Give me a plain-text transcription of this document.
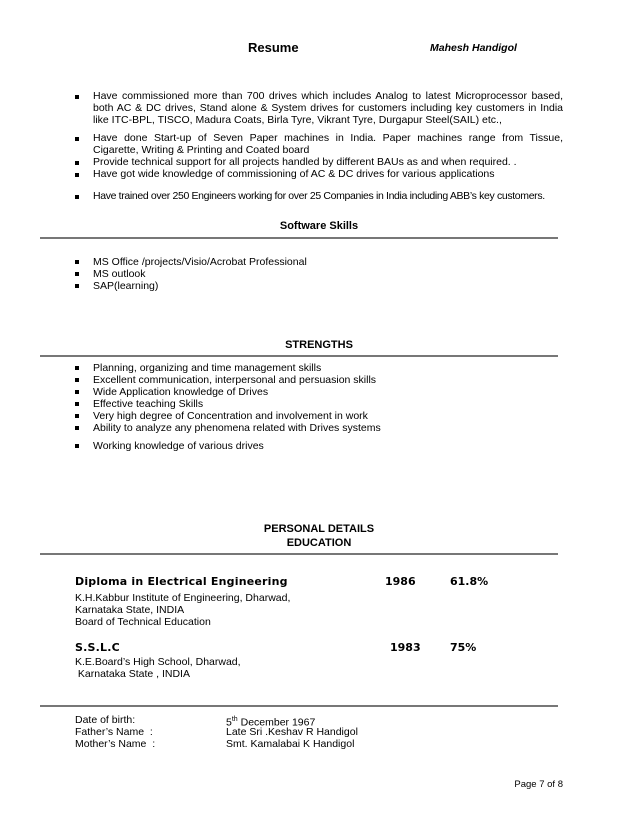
Resume	Mahesh Handigol
Have commissioned more than 700 drives which includes Analog to latest Microprocessor based, both AC & DC drives, Stand alone & System drives for customers including key customers in India like ITC-BPL, TISCO, Madura Coats, Birla Tyre, Vikrant Tyre, Durgapur Steel(SAIL) etc.,
Have done Start-up of Seven Paper machines in India. Paper machines range from Tissue, Cigarette, Writing & Printing and Coated board
Provide technical support for all projects handled by different BAUs as and when required. .
Have got wide knowledge of commissioning of AC & DC drives for various applications
Have trained over 250 Engineers working for over 25 Companies in India including ABB’s key customers.
Software Skills
MS Office /projects/Visio/Acrobat Professional
MS outlook
SAP(learning)
STRENGTHS
Planning, organizing and time management skills
Excellent communication, interpersonal and persuasion skills
Wide Application knowledge of Drives
Effective teaching Skills
Very high degree of Concentration and involvement in work
Ability to analyze any phenomena related with Drives systems
Working knowledge of various drives
PERSONAL DETAILS
EDUCATION
Diploma in Electrical Engineering	1986	61.8%
K.H.Kabbur Institute of Engineering, Dharwad,
Karnataka State, INDIA
Board of Technical Education
S.S.L.C	1983	75%
K.E.Board’s High School, Dharwad,
Karnataka State , INDIA
Date of birth:	5th December 1967
Father’s Name  :	Late Sri .Keshav R Handigol
Mother’s Name  :	Smt. Kamalabai K Handigol
Page 7 of 8
